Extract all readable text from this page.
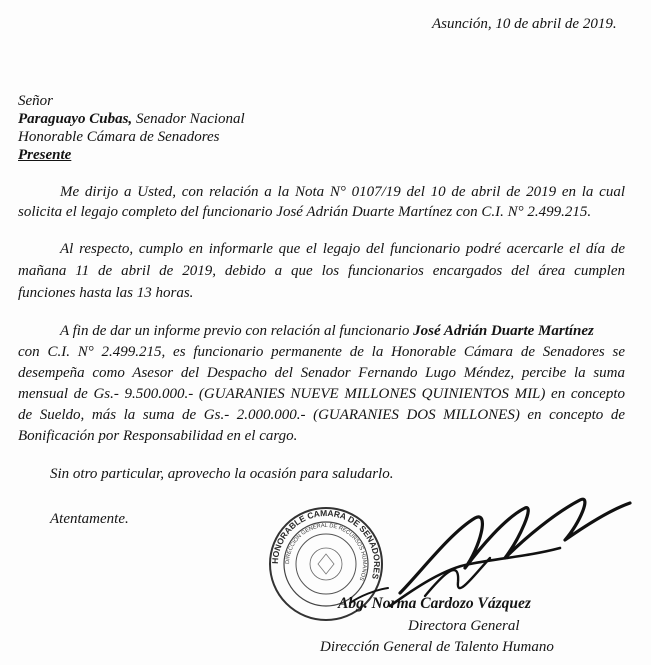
Asunción, 10 de abril de 2019.
Señor
Paraguayo Cubas, Senador Nacional
Honorable Cámara de Senadores
Presente
Me dirijo a Usted, con relación a la Nota N° 0107/19 del 10 de abril de 2019 en la cual
solicita el legajo completo del funcionario José Adrián Duarte Martínez con C.I. N° 2.499.215.
Al respecto, cumplo en informarle que el legajo del funcionario podré acercarle el día de
mañana 11 de abril de 2019, debido a que los funcionarios encargados del área cumplen
funciones hasta las 13 horas.
A fin de dar un informe previo con relación al funcionario José Adrián Duarte Martínez
con C.I. N° 2.499.215, es funcionario permanente de la Honorable Cámara de Senadores se
desempeña como Asesor del Despacho del Senador Fernando Lugo Méndez, percibe la suma
mensual de Gs.- 9.500.000.- (GUARANIES NUEVE MILLONES QUINIENTOS MIL) en concepto
de Sueldo, más la suma de Gs.- 2.000.000.- (GUARANIES DOS MILLONES) en concepto de
Bonificación por Responsabilidad en el cargo.
Sin otro particular, aprovecho la ocasión para saludarlo.
Atentamente.
HONORABLE CAMARA DE SENADORES
DIRECCION GENERAL DE RECURSOS HUMANOS
Abg. Norma Cardozo Vázquez
Directora General
Dirección General de Talento Humano
